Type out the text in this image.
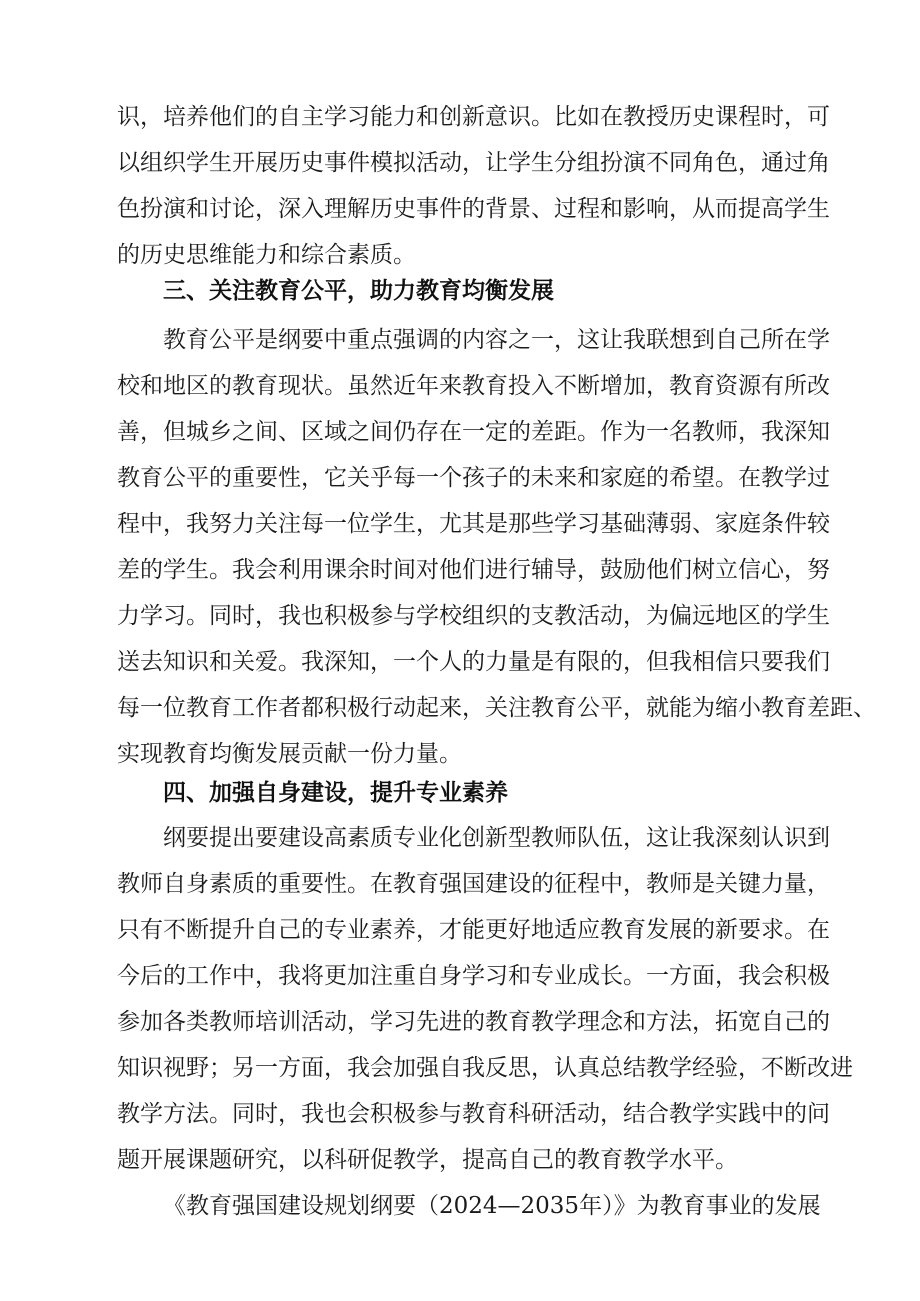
识，培养他们的自主学习能力和创新意识。比如在教授历史课程时，可
以组织学生开展历史事件模拟活动，让学生分组扮演不同角色，通过角
色扮演和讨论，深入理解历史事件的背景、过程和影响，从而提高学生
的历史思维能力和综合素质。
三、关注教育公平，助力教育均衡发展
教育公平是纲要中重点强调的内容之一，这让我联想到自己所在学
校和地区的教育现状。虽然近年来教育投入不断增加，教育资源有所改
善，但城乡之间、区域之间仍存在一定的差距。作为一名教师，我深知
教育公平的重要性，它关乎每一个孩子的未来和家庭的希望。在教学过
程中，我努力关注每一位学生，尤其是那些学习基础薄弱、家庭条件较
差的学生。我会利用课余时间对他们进行辅导，鼓励他们树立信心，努
力学习。同时，我也积极参与学校组织的支教活动，为偏远地区的学生
送去知识和关爱。我深知，一个人的力量是有限的，但我相信只要我们
每一位教育工作者都积极行动起来，关注教育公平，就能为缩小教育差距、
实现教育均衡发展贡献一份力量。
四、加强自身建设，提升专业素养
纲要提出要建设高素质专业化创新型教师队伍，这让我深刻认识到
教师自身素质的重要性。在教育强国建设的征程中，教师是关键力量，
只有不断提升自己的专业素养，才能更好地适应教育发展的新要求。在
今后的工作中，我将更加注重自身学习和专业成长。一方面，我会积极
参加各类教师培训活动，学习先进的教育教学理念和方法，拓宽自己的
知识视野；另一方面，我会加强自我反思，认真总结教学经验，不断改进
教学方法。同时，我也会积极参与教育科研活动，结合教学实践中的问
题开展课题研究，以科研促教学，提高自己的教育教学水平。
《教育强国建设规划纲要（2024—2035年）》为教育事业的发展
